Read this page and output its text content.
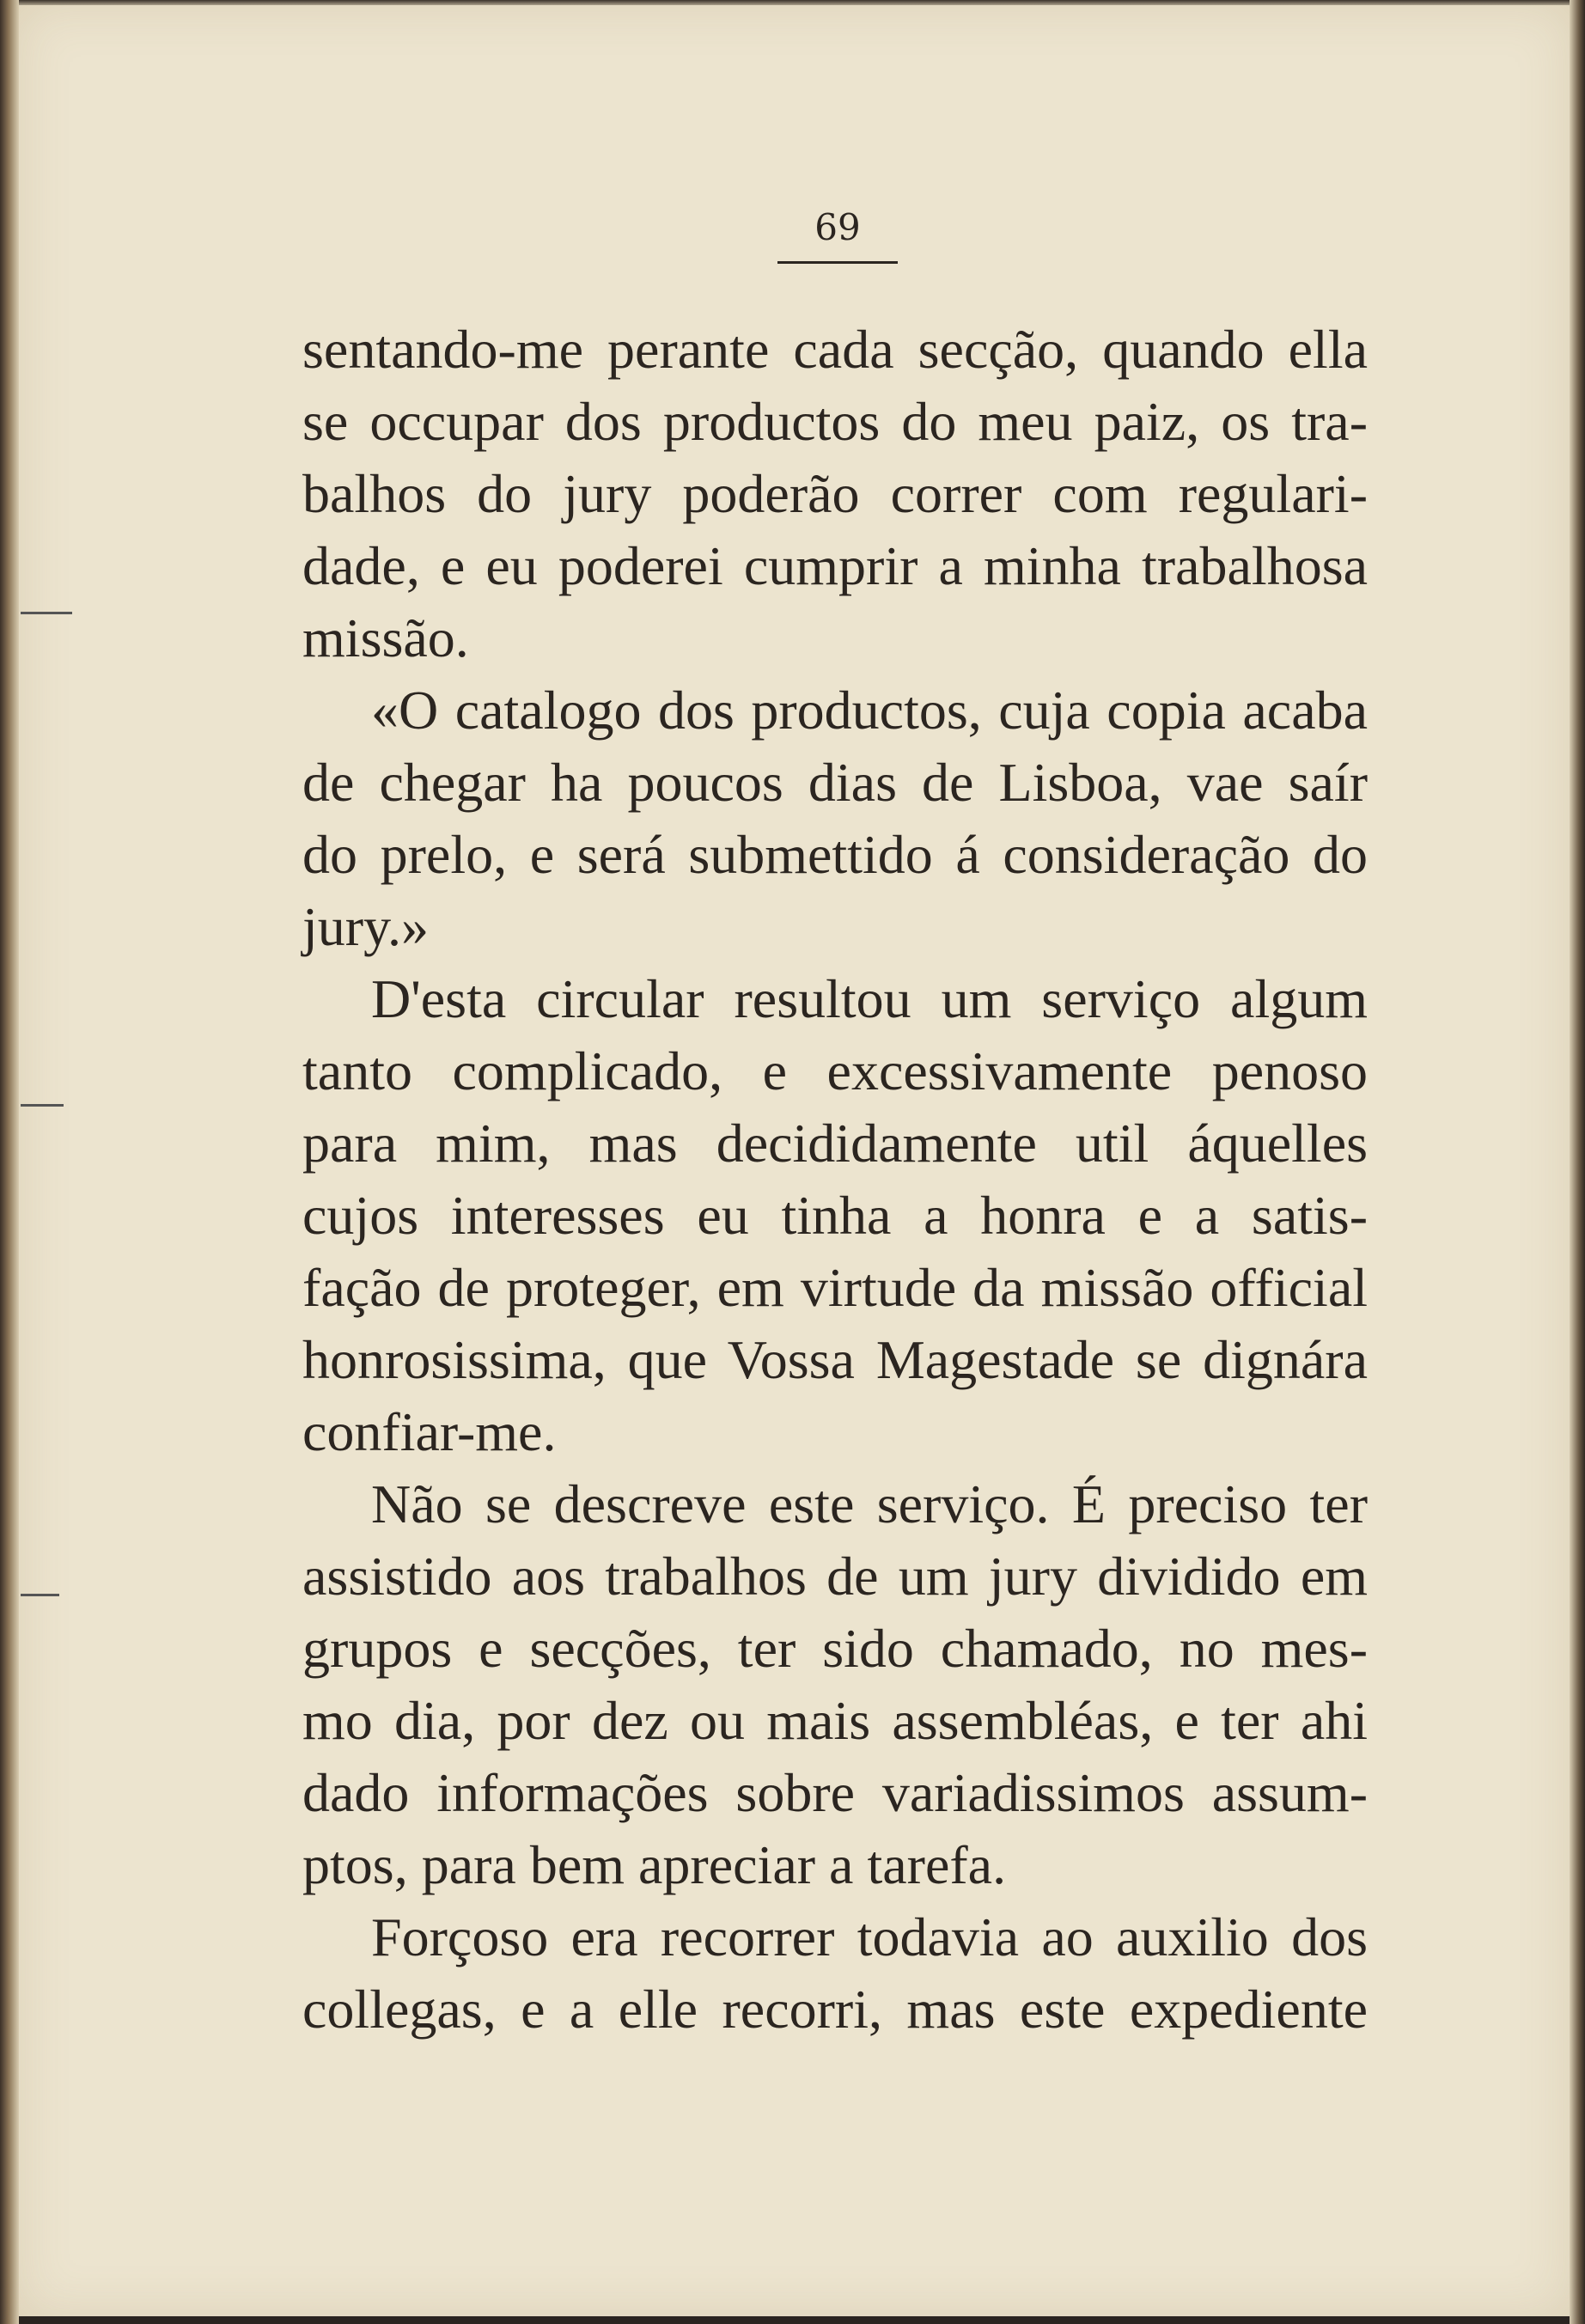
69
sentando-me perante cada secção, quando ella
se occupar dos productos do meu paiz, os tra-
balhos do jury poderão correr com regulari-
dade, e eu poderei cumprir a minha trabalhosa
missão.
«O catalogo dos productos, cuja copia acaba
de chegar ha poucos dias de Lisboa, vae saír
do prelo, e será submettido á consideração do
jury.»
D'esta circular resultou um serviço algum
tanto complicado, e excessivamente penoso
para mim, mas decididamente util áquelles
cujos interesses eu tinha a honra e a satis-
fação de proteger, em virtude da missão official
honrosissima, que Vossa Magestade se dignára
confiar-me.
Não se descreve este serviço. É preciso ter
assistido aos trabalhos de um jury dividido em
grupos e secções, ter sido chamado, no mes-
mo dia, por dez ou mais assembléas, e ter ahi
dado informações sobre variadissimos assum-
ptos, para bem apreciar a tarefa.
Forçoso era recorrer todavia ao auxilio dos
collegas, e a elle recorri, mas este expediente
